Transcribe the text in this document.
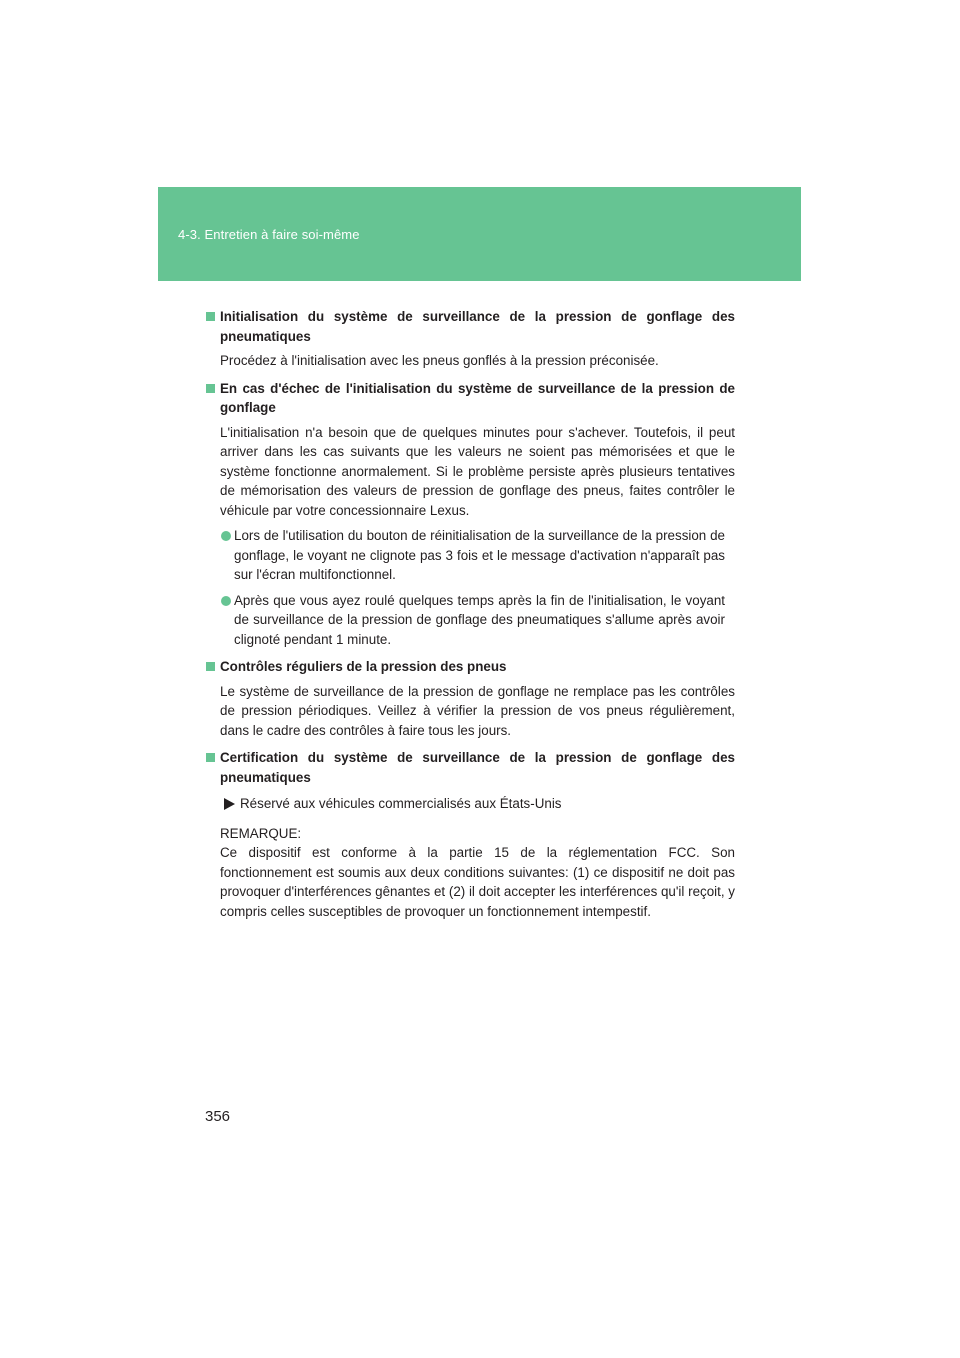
4-3. Entretien à faire soi-même
Initialisation du système de surveillance de la pression de gonflage des pneumatiques
Procédez à l'initialisation avec les pneus gonflés à la pression préconisée.
En cas d'échec de l'initialisation du système de surveillance de la pression de gonflage
L'initialisation n'a besoin que de quelques minutes pour s'achever. Toutefois, il peut arriver dans les cas suivants que les valeurs ne soient pas mémorisées et que le système fonctionne anormalement. Si le problème persiste après plusieurs tentatives de mémorisation des valeurs de pression de gonflage des pneus, faites contrôler le véhicule par votre concessionnaire Lexus.
Lors de l'utilisation du bouton de réinitialisation de la surveillance de la pression de gonflage, le voyant ne clignote pas 3 fois et le message d'activation n'apparaît pas sur l'écran multifonctionnel.
Après que vous ayez roulé quelques temps après la fin de l'initialisation, le voyant de surveillance de la pression de gonflage des pneumatiques s'allume après avoir clignoté pendant 1 minute.
Contrôles réguliers de la pression des pneus
Le système de surveillance de la pression de gonflage ne remplace pas les contrôles de pression périodiques. Veillez à vérifier la pression de vos pneus régulièrement, dans le cadre des contrôles à faire tous les jours.
Certification du système de surveillance de la pression de gonflage des pneumatiques
Réservé aux véhicules commercialisés aux États-Unis
REMARQUE:
Ce dispositif est conforme à la partie 15 de la réglementation FCC. Son fonctionnement est soumis aux deux conditions suivantes: (1) ce dispositif ne doit pas provoquer d'interférences gênantes et (2) il doit accepter les interférences qu'il reçoit, y compris celles susceptibles de provoquer un fonctionnement intempestif.
356
